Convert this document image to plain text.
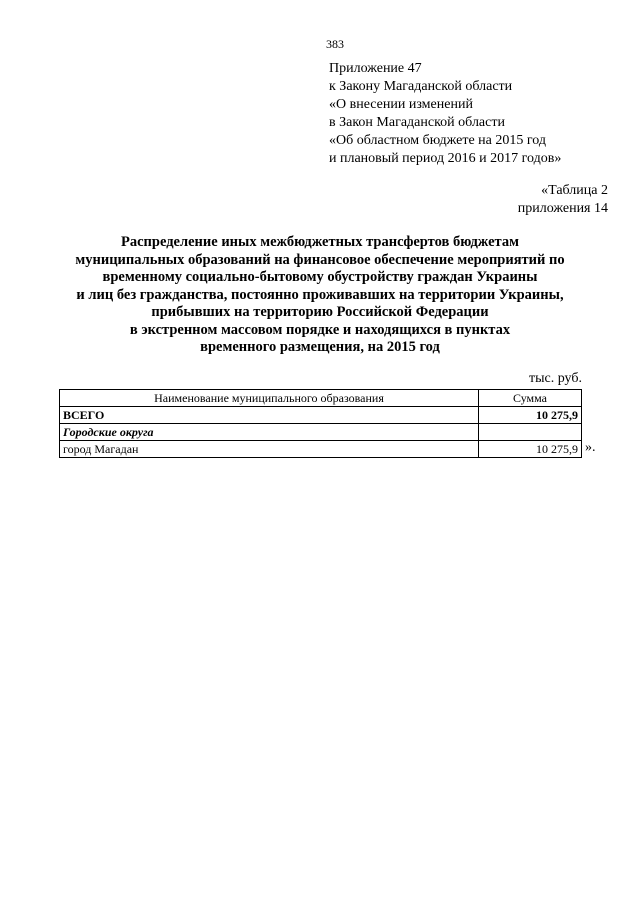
383
Приложение 47
к Закону Магаданской области
«О внесении изменений
в Закон Магаданской области
«Об областном бюджете на 2015 год
и плановый период 2016 и 2017 годов»
«Таблица 2
приложения 14
Распределение иных межбюджетных трансфертов бюджетам
муниципальных образований на финансовое обеспечение мероприятий по
временному социально-бытовому обустройству граждан Украины
и лиц без гражданства, постоянно проживавших на территории Украины,
прибывших на территорию Российской Федерации
в экстренном массовом порядке и находящихся в пунктах
временного размещения, на 2015 год
тыс. руб.
Наименование муниципального образования	Сумма
ВСЕГО	10 275,9
Городские округа	
город Магадан	10 275,9 ».
